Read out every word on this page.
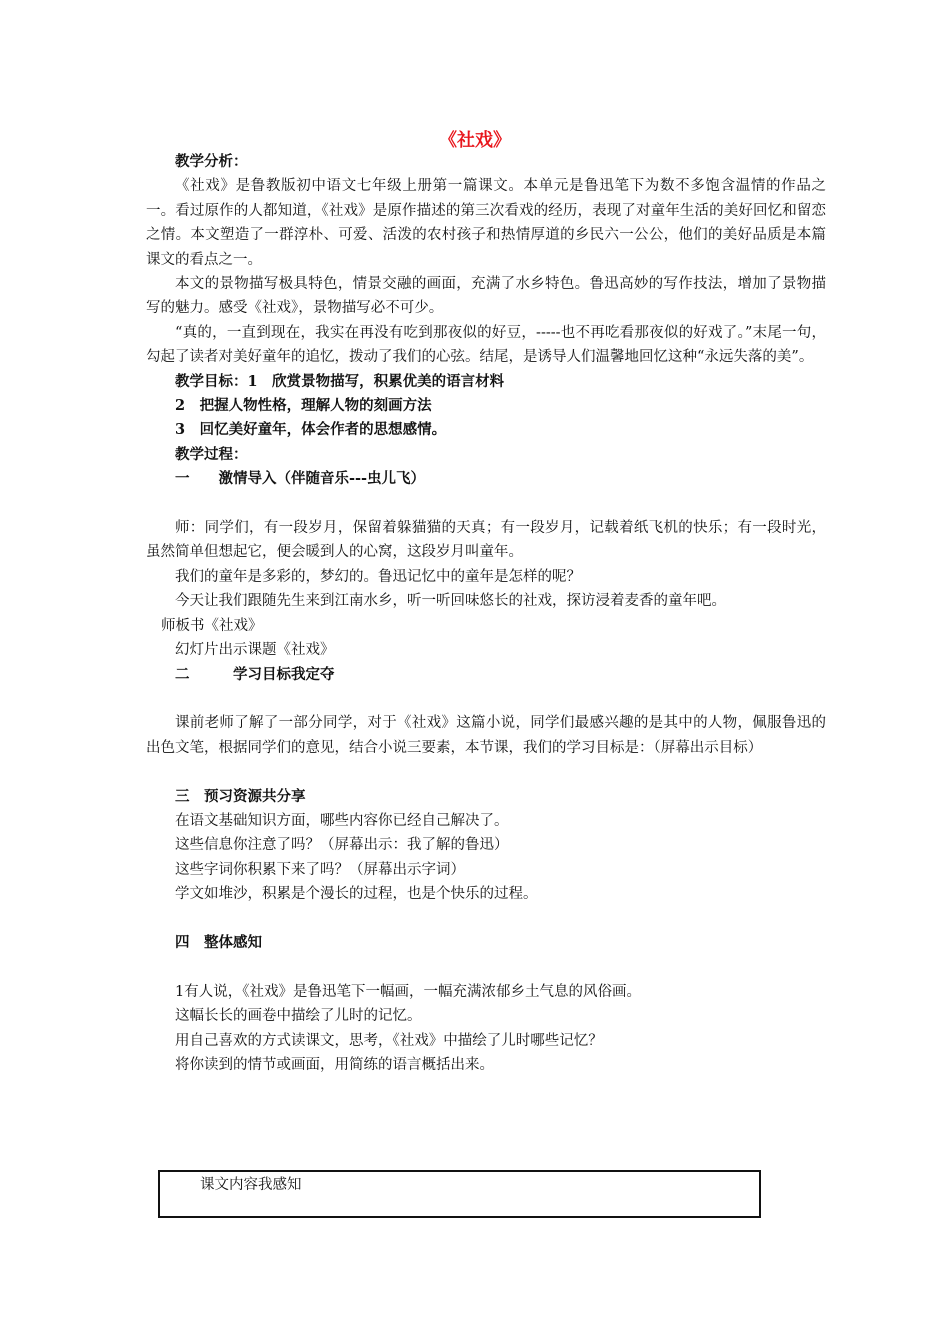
《社戏》

教学分析：

《社戏》是鲁教版初中语文七年级上册第一篇课文。本单元是鲁迅笔下为数不多饱含温情的作品之一。看过原作的人都知道，《社戏》是原作描述的第三次看戏的经历，表现了对童年生活的美好回忆和留恋之情。本文塑造了一群淳朴、可爱、活泼的农村孩子和热情厚道的乡民六一公公，他们的美好品质是本篇课文的看点之一。

本文的景物描写极具特色，情景交融的画面，充满了水乡特色。鲁迅高妙的写作技法，增加了景物描写的魅力。感受《社戏》，景物描写必不可少。

“真的，一直到现在，我实在再没有吃到那夜似的好豆，-----也不再吃看那夜似的好戏了。”末尾一句，勾起了读者对美好童年的追忆，拨动了我们的心弦。结尾，是诱导人们温馨地回忆这种“永远失落的美”。

教学目标：1　欣赏景物描写，积累优美的语言材料

2　把握人物性格，理解人物的刻画方法

3　回忆美好童年，体会作者的思想感情。

教学过程：

一　　激情导入（伴随音乐---虫儿飞）

师：同学们，有一段岁月，保留着躲猫猫的天真；有一段岁月，记载着纸飞机的快乐；有一段时光，虽然简单但想起它，便会暖到人的心窝，这段岁月叫童年。

我们的童年是多彩的，梦幻的。鲁迅记忆中的童年是怎样的呢？

今天让我们跟随先生来到江南水乡，听一听回味悠长的社戏，探访浸着麦香的童年吧。

师板书《社戏》

幻灯片出示课题《社戏》

二　　　学习目标我定夺

课前老师了解了一部分同学，对于《社戏》这篇小说，同学们最感兴趣的是其中的人物，佩服鲁迅的出色文笔，根据同学们的意见，结合小说三要素，本节课，我们的学习目标是：（屏幕出示目标）

三　预习资源共分享

在语文基础知识方面，哪些内容你已经自己解决了。

这些信息你注意了吗？（屏幕出示：我了解的鲁迅）

这些字词你积累下来了吗？（屏幕出示字词）

学文如堆沙，积累是个漫长的过程，也是个快乐的过程。

四　整体感知

1有人说，《社戏》是鲁迅笔下一幅画，一幅充满浓郁乡土气息的风俗画。

这幅长长的画卷中描绘了儿时的记忆。

用自己喜欢的方式读课文，思考，《社戏》中描绘了儿时哪些记忆？

将你读到的情节或画面，用简练的语言概括出来。

课文内容我感知
